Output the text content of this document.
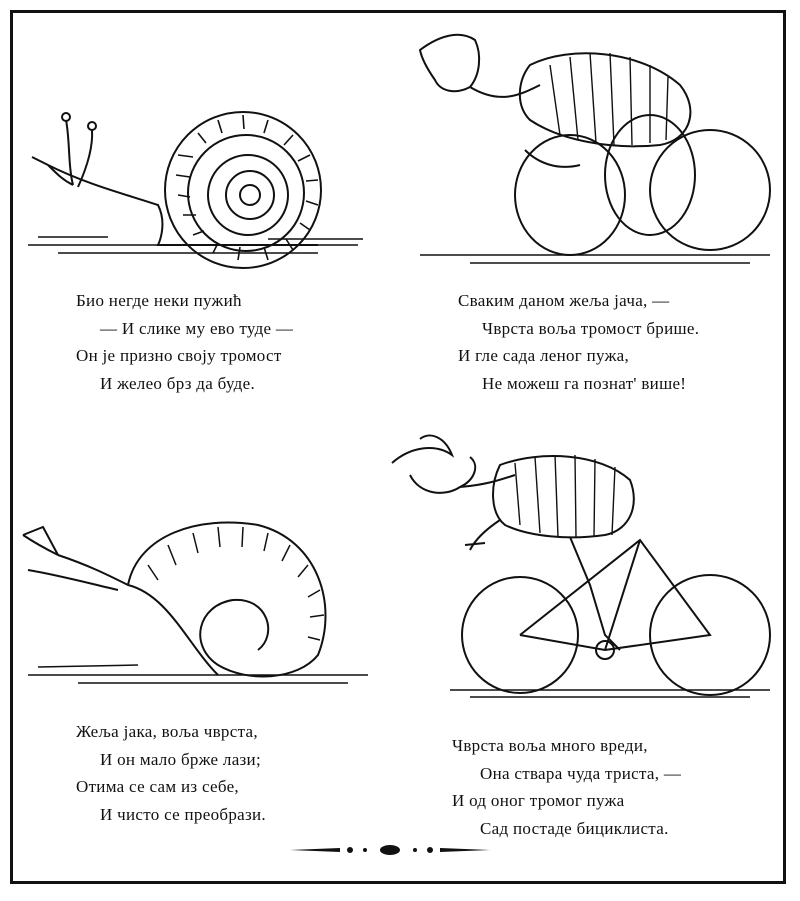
Био негде неки пужић
— И слике му ево туде —
Он је призно својy тромост
И желео брз да буде.
Сваким даном жеља јача, —
Чврста воља тромост брише.
И гле сада леног пужа,
Не можеш га познат' више!
Жеља јака, воља чврста,
И он мало брже лази;
Отима се сам из себе,
И чисто се преобрази.
Чврста воља много вреди,
Она ствара чуда триста, —
И од оног тромог пужа
Сад постаде бициклиста.
